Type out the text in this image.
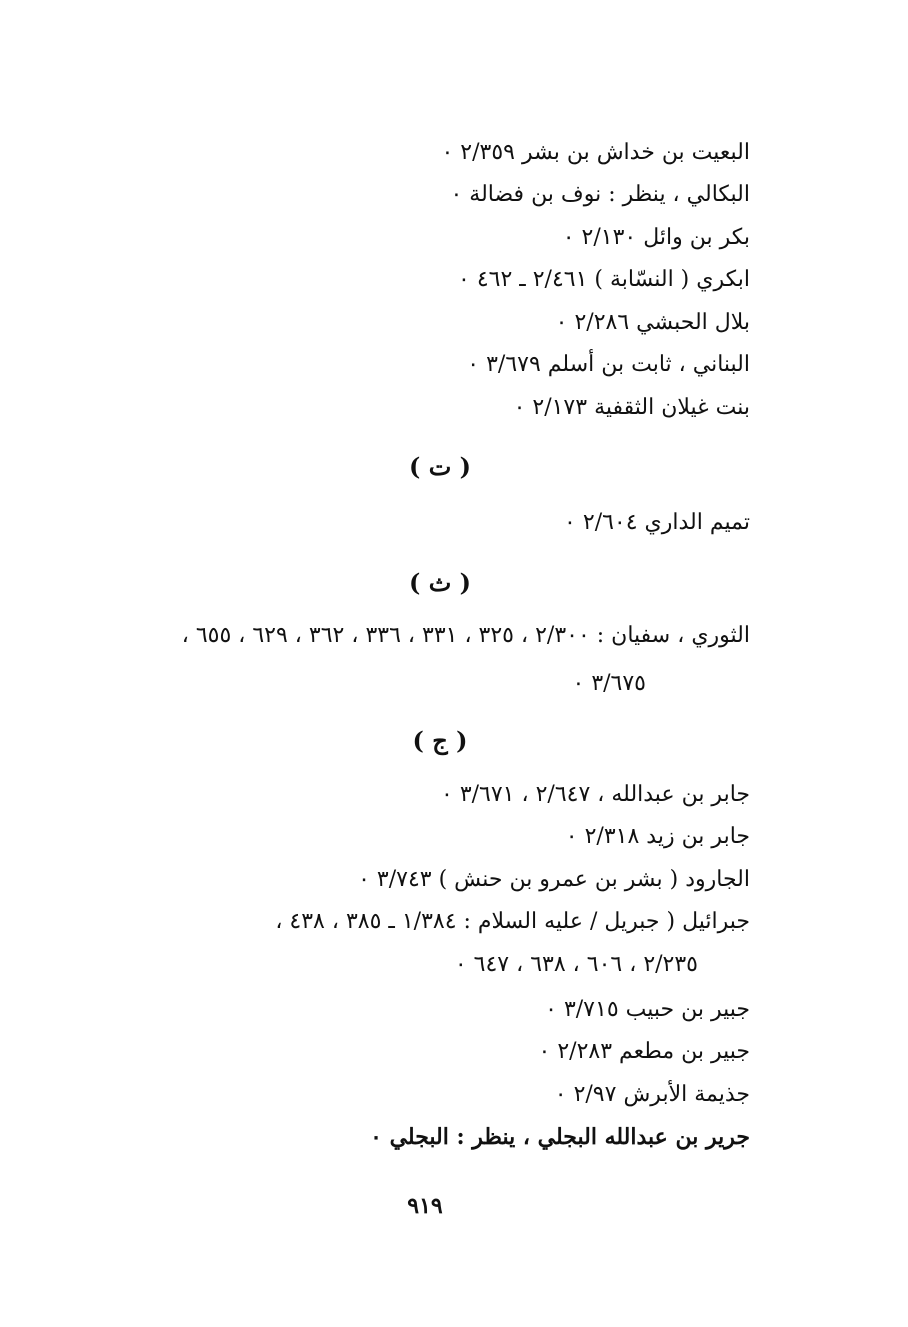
البعيت بن خداش بن بشر ٢/٣٥٩ ٠
البكالي ، ينظر : نوف بن فضالة ٠
بكر بن وائل ٢/١٣٠ ٠
ابكري ( النسّابة ) ٢/٤٦١ ـ ٤٦٢ ٠
بلال الحبشي ٢/٢٨٦ ٠
البناني ، ثابت بن أسلم ٣/٦٧٩ ٠
بنت غيلان الثقفية ٢/١٧٣ ٠
( ت )
تميم الداري ٢/٦٠٤ ٠
( ث )
الثوري ، سفيان : ٢/٣٠٠ ، ٣٢٥ ، ٣٣١ ، ٣٣٦ ، ٣٦٢ ، ٦٢٩ ، ٦٥٥ ،
٣/٦٧٥ ٠
( ج )
جابر بن عبدالله ، ٢/٦٤٧ ، ٣/٦٧١ ٠
جابر بن زيد ٢/٣١٨ ٠
الجارود ( بشر بن عمرو بن حنش ) ٣/٧٤٣ ٠
جبرائيل ( جبريل / عليه السلام : ١/٣٨٤ ـ ٣٨٥ ، ٤٣٨ ،
٢/٢٣٥ ، ٦٠٦ ، ٦٣٨ ، ٦٤٧ ٠
جبير بن حبيب ٣/٧١٥ ٠
جبير بن مطعم ٢/٢٨٣ ٠
جذيمة الأبرش ٢/٩٧ ٠
جرير بن عبدالله البجلي ، ينظر : البجلي ٠
٩١٩
